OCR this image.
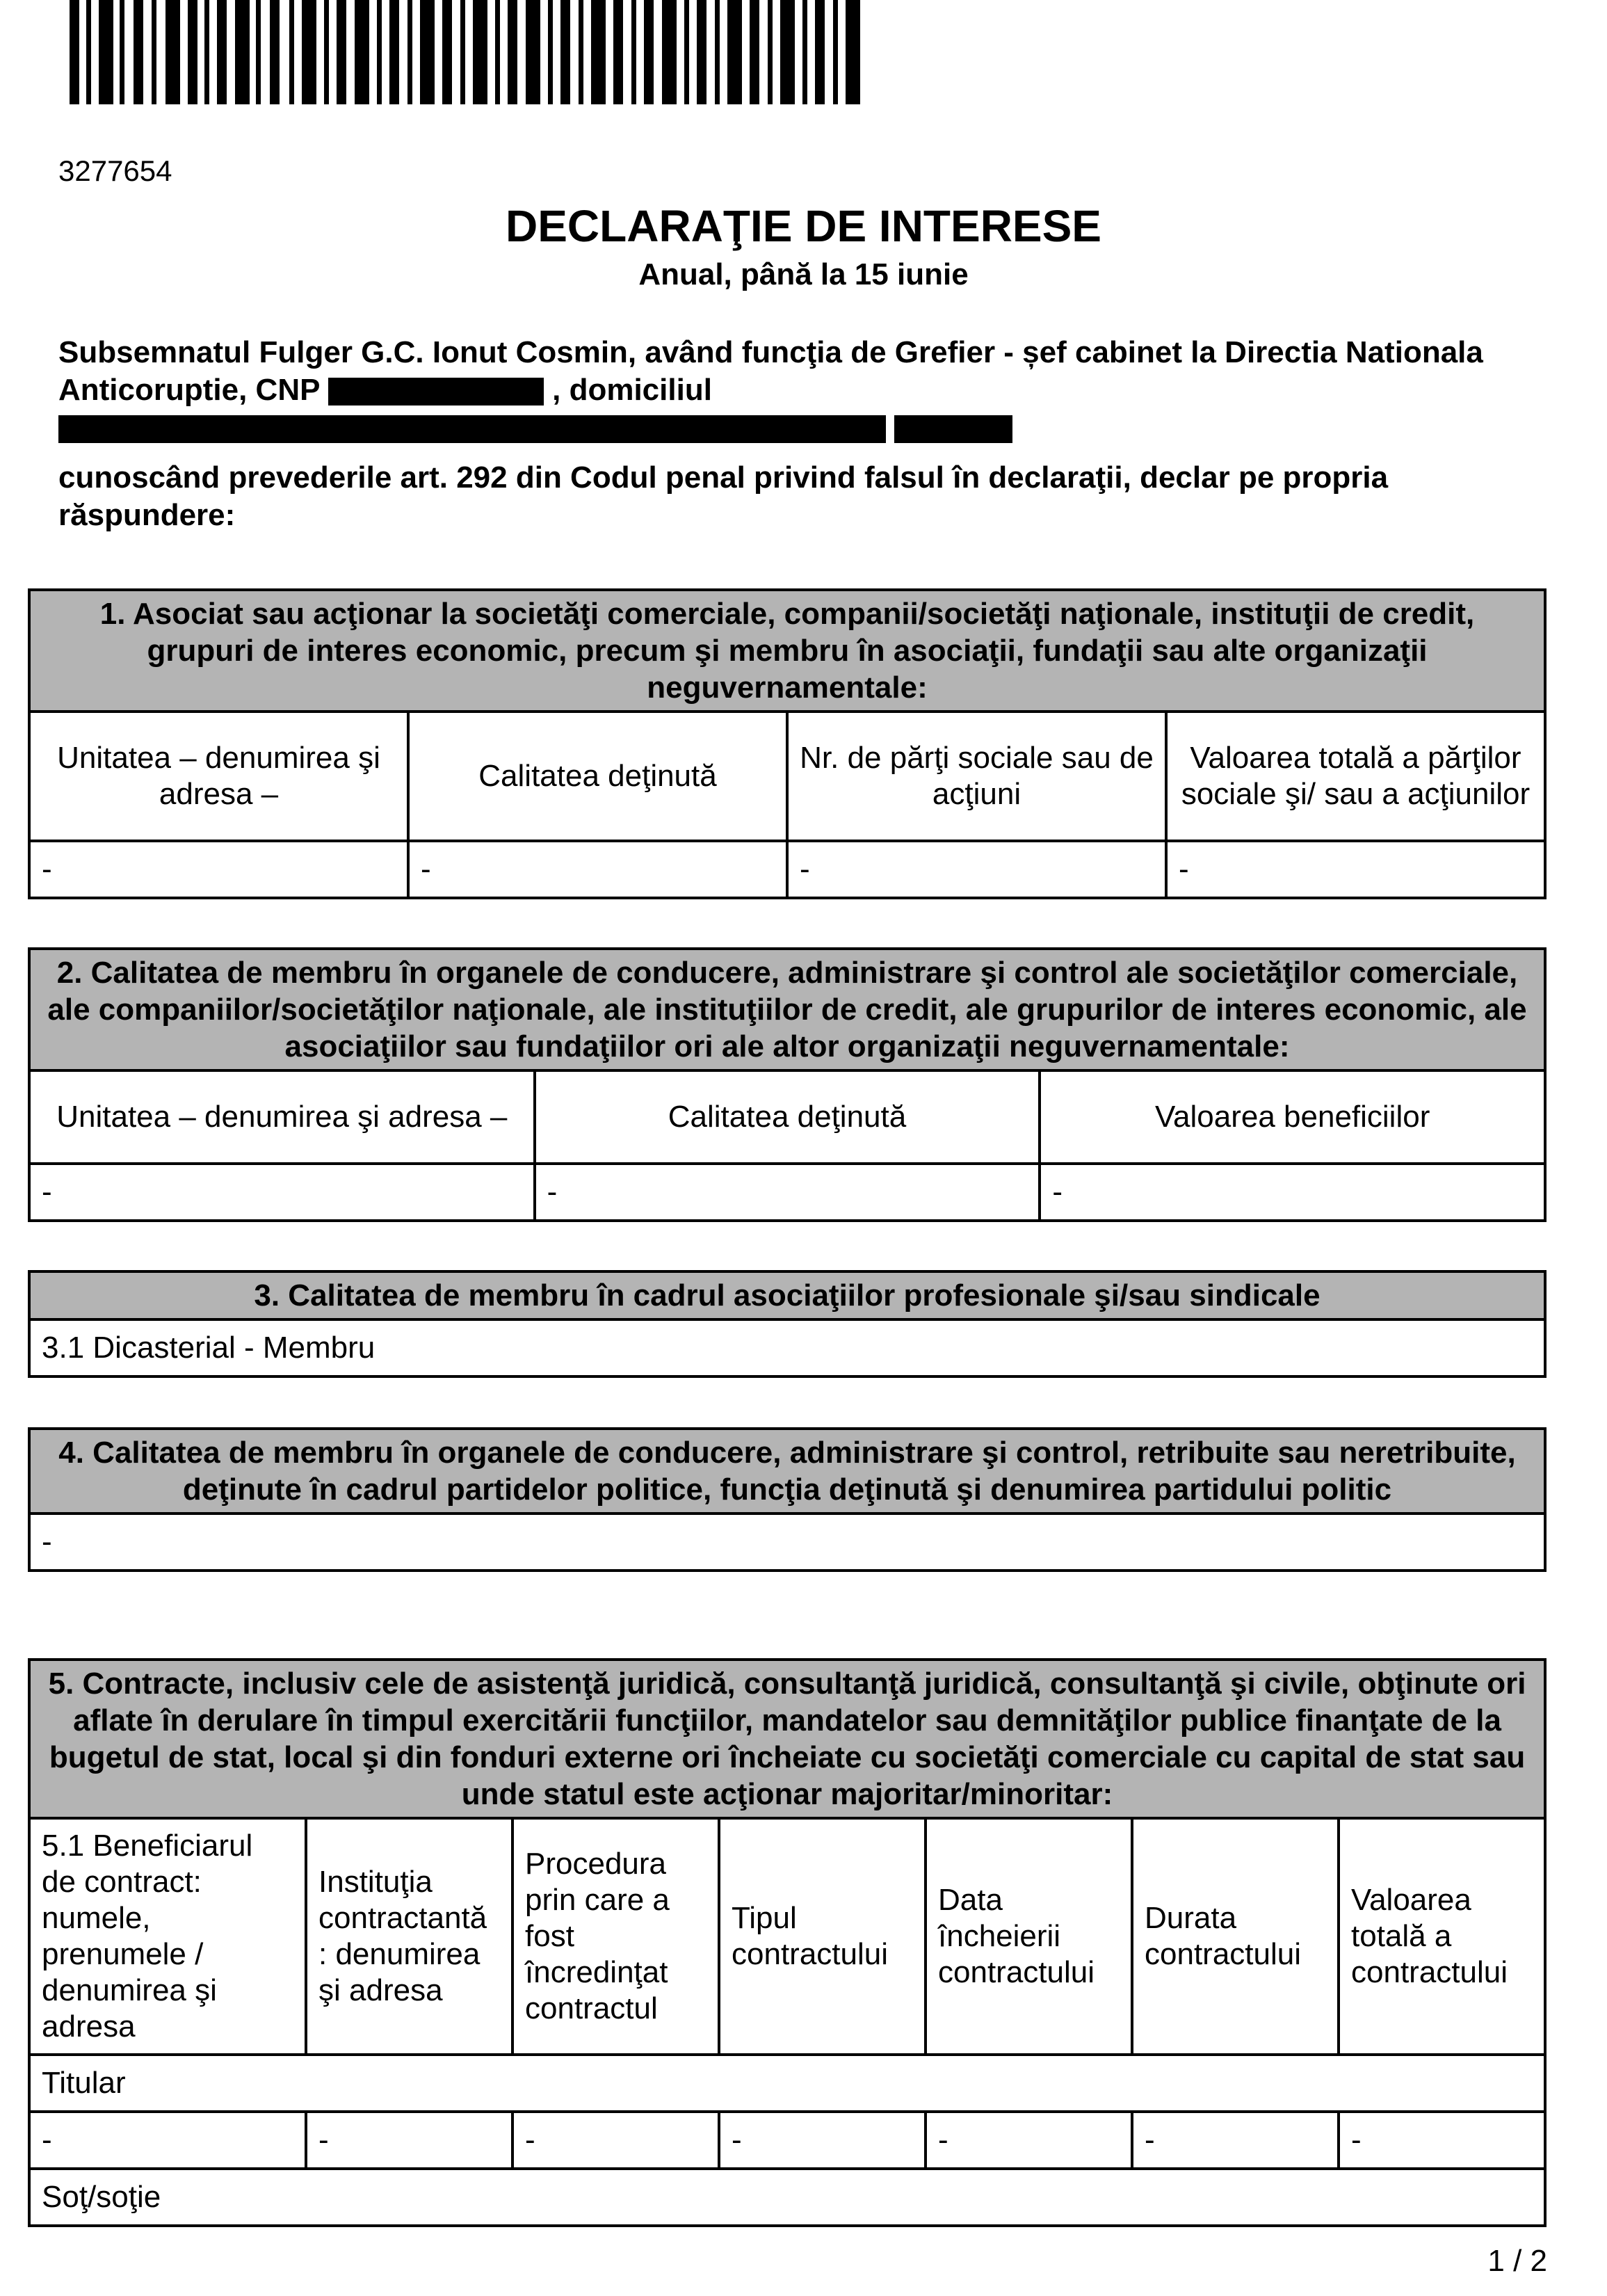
3277654
DECLARAŢIE DE INTERESE
Anual, până la 15 iunie

Subsemnatul Fulger G.C. Ionut Cosmin, având funcţia de Grefier - șef cabinet la Directia Nationala Anticoruptie, CNP	, domiciliul

cunoscând prevederile art. 292 din Codul penal privind falsul în declaraţii, declar pe propria răspundere:

1. Asociat sau acţionar la societăţi comerciale, companii/societăţi naţionale, instituţii de credit, grupuri de interes economic, precum şi membru în asociaţii, fundaţii sau alte organizaţii neguvernamentale:			
Unitatea – denumirea şi adresa –	Calitatea deţinută	Nr. de părţi sociale sau de acţiuni	Valoarea totală a părţilor sociale şi/ sau a acţiunilor
-	-	-	-
2. Calitatea de membru în organele de conducere, administrare şi control ale societăţilor comerciale, ale companiilor/societăţilor naţionale, ale instituţiilor de credit, ale grupurilor de interes economic, ale asociaţiilor sau fundaţiilor ori ale altor organizaţii neguvernamentale:		
Unitatea – denumirea şi adresa –	Calitatea deţinută	Valoarea beneficiilor
-	-	-
3. Calitatea de membru în cadrul asociaţiilor profesionale şi/sau sindicale
3.1 Dicasterial - Membru
4. Calitatea de membru în organele de conducere, administrare şi control, retribuite sau neretribuite, deţinute în cadrul partidelor politice, funcţia deţinută şi denumirea partidului politic
-
5. Contracte, inclusiv cele de asistenţă juridică, consultanţă juridică, consultanţă şi civile, obţinute ori aflate în derulare în timpul exercitării funcţiilor, mandatelor sau demnităţilor publice finanţate de la bugetul de stat, local şi din fonduri externe ori încheiate cu societăţi comerciale cu capital de stat sau unde statul este acţionar majoritar/minoritar:						
5.1 Beneficiarul de contract: numele, prenumele / denumirea şi adresa	Instituţia contractantă : denumirea şi adresa	Procedura prin care a fost încredinţat contractul	Tipul contractului	Data încheierii contractului	Durata contractului	Valoarea totală a contractului
Titular						
-	-	-	-	-	-	-
Soţ/soţie						
1 / 2
